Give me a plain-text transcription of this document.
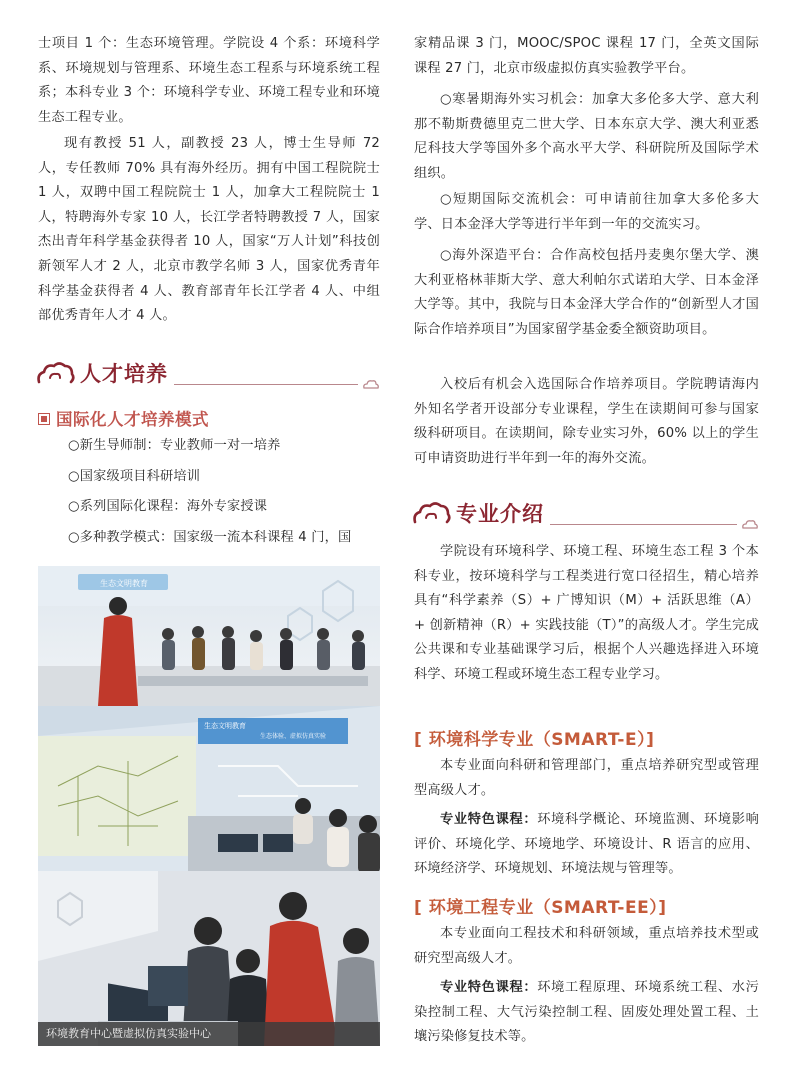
士项目 1 个：生态环境管理。学院设 4 个系：环境科学系、环境规划与管理系、环境生态工程系与环境系统工程系；本科专业 3 个：环境科学专业、环境工程专业和环境生态工程专业。

现有教授 51 人，副教授 23 人，博士生导师 72 人，专任教师 70% 具有海外经历。拥有中国工程院院士 1 人，双聘中国工程院院士 1 人，加拿大工程院院士 1 人，特聘海外专家 10 人，长江学者特聘教授 7 人，国家杰出青年科学基金获得者 10 人，国家“万人计划”科技创新领军人才 2 人，北京市教学名师 3 人，国家优秀青年科学基金获得者 4 人、教育部青年长江学者 4 人、中组部优秀青年人才 4 人。

○新生导师制：专业教师一对一培养
○国家级项目科研培训
○系列国际化课程：海外专家授课
○多种教学模式：国家级一流本科课程 4 门，国
人才培养
国际化人才培养模式
生态文明教育
生态文明教育
生态体验、虚拟仿真实验
环境教育中心暨虚拟仿真实验中心

家精品课 3 门，MOOC/SPOC 课程 17 门，全英文国际课程 27 门，北京市级虚拟仿真实验教学平台。

○寒暑期海外实习机会：加拿大多伦多大学、意大利那不勒斯费德里克二世大学、日本东京大学、澳大利亚悉尼科技大学等国外多个高水平大学、科研院所及国际学术组织。

○短期国际交流机会：可申请前往加拿大多伦多大学、日本金泽大学等进行半年到一年的交流实习。

○海外深造平台：合作高校包括丹麦奥尔堡大学、澳大利亚格林菲斯大学、意大利帕尔式诺珀大学、日本金泽大学等。其中，我院与日本金泽大学合作的“创新型人才国际合作培养项目”为国家留学基金委全额资助项目。

入校后有机会入选国际合作培养项目。学院聘请海内外知名学者开设部分专业课程，学生在读期间可参与国家级科研项目。在读期间，除专业实习外，60% 以上的学生可申请资助进行半年到一年的海外交流。

学院设有环境科学、环境工程、环境生态工程 3 个本科专业，按环境科学与工程类进行宽口径招生，精心培养具有“科学素养（S）+ 广博知识（M）+ 活跃思维（A）+ 创新精神（R）+ 实践技能（T）”的高级人才。学生完成公共课和专业基础课学习后，根据个人兴趣选择进入环境科学、环境工程或环境生态工程专业学习。

[ 环境科学专业（SMART-E）]

本专业面向科研和管理部门，重点培养研究型或管理型高级人才。

专业特色课程：环境科学概论、环境监测、环境影响评价、环境化学、环境地学、环境设计、R 语言的应用、环境经济学、环境规划、环境法规与管理等。

[ 环境工程专业（SMART-EE）]

本专业面向工程技术和科研领域，重点培养技术型或研究型高级人才。

专业特色课程：环境工程原理、环境系统工程、水污染控制工程、大气污染控制工程、固废处理处置工程、土壤污染修复技术等。

专业介绍
